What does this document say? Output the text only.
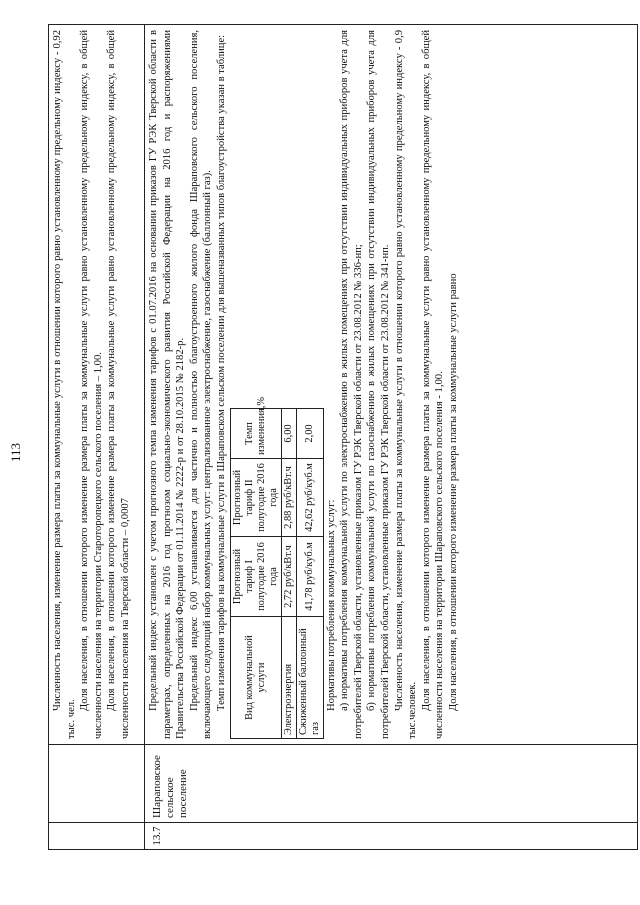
113
			Численность населения, изменение размера платы за коммунальные услуги в отношении которого равно установленному предельному индексу - 0,92 тыс. чел.

Доля населения, в отношении которого изменение размера платы за коммунальные услуги равно установленному предельному индексу, в общей численности населения на территории Староторопецкого сельского поселения – 1,00. Доля населения, в отношении которого изменение размера платы за коммунальные услуги равно установленному предельному индексу, в общей численности населения на Тверской области – 0,0007

13.7	Шараповское сельское поселение	

Предельный индекс установлен с учетом прогнозного темпа изменения тарифов с 01.07.2016 на основании приказов ГУ РЭК Тверской области в параметрах, определенных на 2016 год прогнозом социально-экономического развития Российской Федерации на 2016 год и распоряжениями Правительства Российской Федерации от 01.11.2014 № 2222-р и от 28.10.2015 № 2182-р. Предельный индекс 6,00 устанавливается для частично и полностью благоустроенного жилого фонда Шараповского сельского поселения, включающего следующий набор коммунальных услуг: централизованное электроснабжение, газоснабжение (баллонный газ). Темп изменения тарифов на коммунальные услуги в Шараповском сельском поселении для вышеназванных типов благоустройства указан в таблице: Вид коммунальной услуги	Прогнозный тариф I полугодие 2016 года	Прогнозный тариф II полугодие 2016 года	Темп изменения,%
Электроэнергия	2,72 руб/кВт.ч	2,88 руб/кВт.ч	6,00
Сжиженный баллонный газ	41,78 руб/куб.м	42,62 руб/куб.м	2,00

Нормативы потребления коммунальных услуг: а) нормативы потребления коммунальной услуги по электроснабжению в жилых помещениях при отсутствии индивидуальных приборов учета для потребителей Тверской области, установленные приказом ГУ РЭК Тверской области от 23.08.2012 № 336-нп; б) нормативы потребления коммунальной услуги по газоснабжению в жилых помещениях при отсутствии индивидуальных приборов учета для потребителей Тверской области, установленные приказом ГУ РЭК Тверской области от 23.08.2012 № 341-нп. Численность населения, изменение размера платы за коммунальные услуги в отношении которого равно установленному предельному индексу - 0,9 тыс.человек. Доля населения, в отношении которого изменение размера платы за коммунальные услуги равно установленному предельному индексу, в общей численности населения на территории Шараповского сельского поселения - 1,00. Доля населения, в отношении которого изменение размера платы за коммунальные услуги равно
